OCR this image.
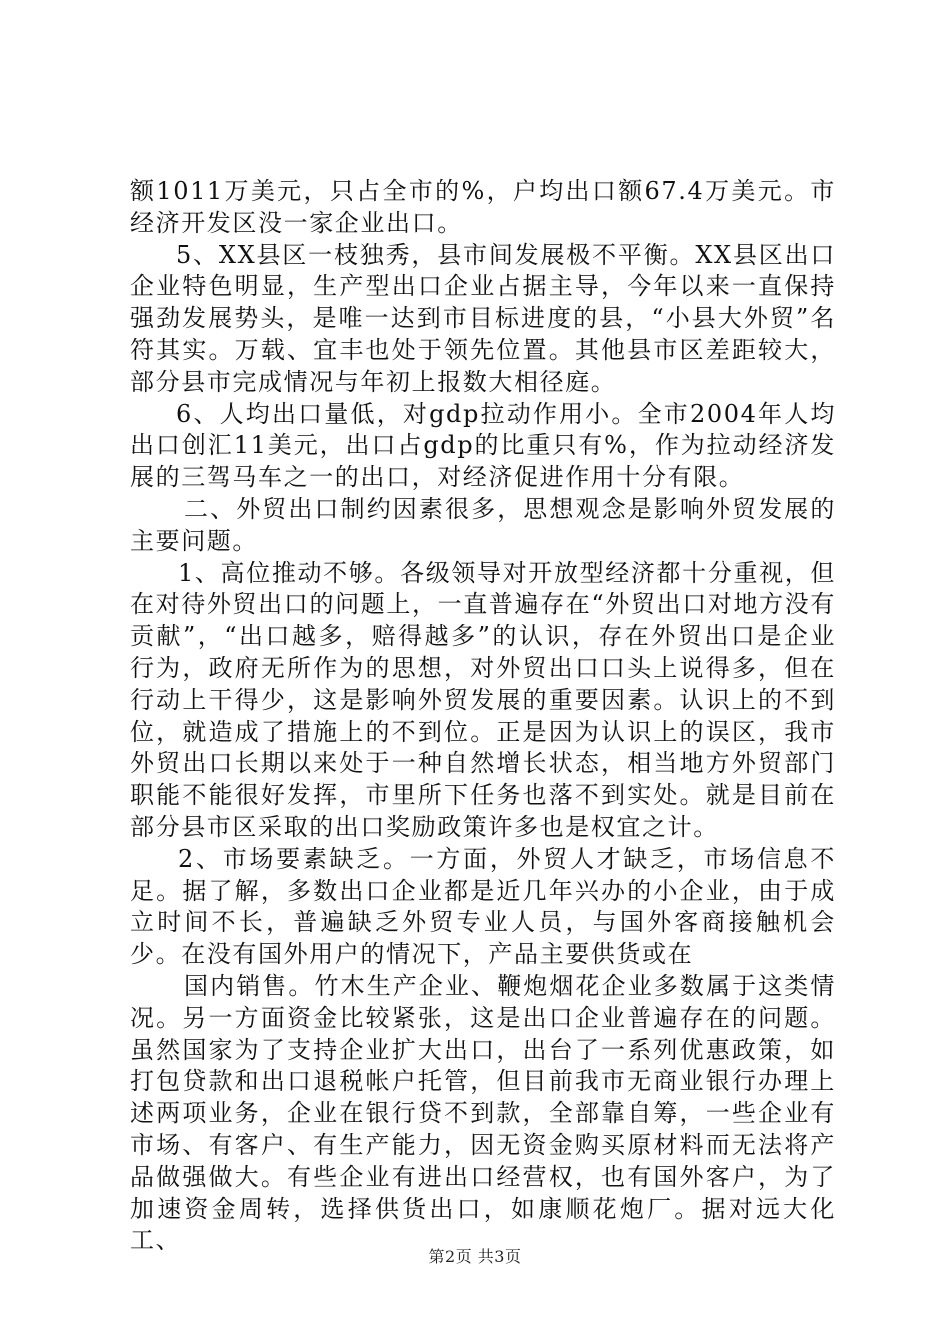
额1011万美元，只占全市的%，户均出口额67.4万美元。市经济开发区没一家企业出口。

5、XX县区一枝独秀，县市间发展极不平衡。XX县区出口企业特色明显，生产型出口企业占据主导，今年以来一直保持强劲发展势头，是唯一达到市目标进度的县，“小县大外贸”名符其实。万载、宜丰也处于领先位置。其他县市区差距较大，部分县市完成情况与年初上报数大相径庭。

6、人均出口量低，对gdp拉动作用小。全市2004年人均出口创汇11美元，出口占gdp的比重只有%，作为拉动经济发展的三驾马车之一的出口，对经济促进作用十分有限。

二、外贸出口制约因素很多，思想观念是影响外贸发展的主要问题。

1、高位推动不够。各级领导对开放型经济都十分重视，但在对待外贸出口的问题上，一直普遍存在“外贸出口对地方没有贡献”，“出口越多，赔得越多”的认识，存在外贸出口是企业行为，政府无所作为的思想，对外贸出口口头上说得多，但在行动上干得少，这是影响外贸发展的重要因素。认识上的不到位，就造成了措施上的不到位。正是因为认识上的误区，我市外贸出口长期以来处于一种自然增长状态，相当地方外贸部门职能不能很好发挥，市里所下任务也落不到实处。就是目前在部分县市区采取的出口奖励政策许多也是权宜之计。

2、市场要素缺乏。一方面，外贸人才缺乏，市场信息不足。据了解，多数出口企业都是近几年兴办的小企业，由于成立时间不长，普遍缺乏外贸专业人员，与国外客商接触机会少。在没有国外用户的情况下，产品主要供货或在

国内销售。竹木生产企业、鞭炮烟花企业多数属于这类情况。另一方面资金比较紧张，这是出口企业普遍存在的问题。虽然国家为了支持企业扩大出口，出台了一系列优惠政策，如打包贷款和出口退税帐户托管，但目前我市无商业银行办理上述两项业务，企业在银行贷不到款，全部靠自筹，一些企业有市场、有客户、有生产能力，因无资金购买原材料而无法将产品做强做大。有些企业有进出口经营权，也有国外客户，为了加速资金周转，选择供货出口，如康顺花炮厂。据对远大化工、

第2页 共3页
